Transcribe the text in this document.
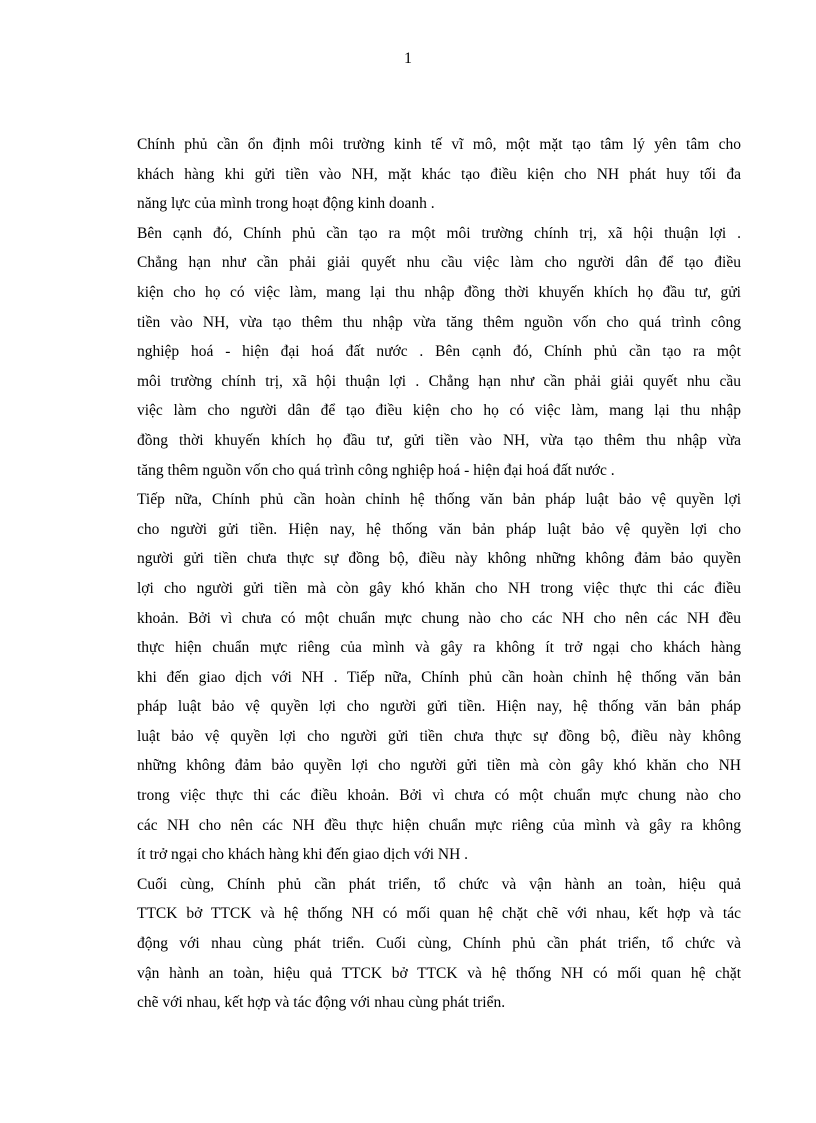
1
Chính phủ cần ổn định môi trường kinh tế vĩ mô, một mặt tạo tâm lý yên tâm cho
khách hàng khi gửi tiền vào NH, mặt khác tạo điều kiện cho NH phát huy tối đa
năng lực của mình trong hoạt động kinh doanh .
Bên cạnh đó, Chính phủ cần tạo ra một môi trường chính trị, xã hội thuận lợi .
Chẳng hạn như cần phải giải quyết nhu cầu việc làm cho người dân để tạo điều
kiện cho họ có việc làm, mang lại thu nhập đồng thời khuyến khích họ đầu tư, gửi
tiền vào NH, vừa tạo thêm thu nhập vừa tăng thêm nguồn vốn cho quá trình công
nghiệp hoá - hiện đại hoá đất nước . Bên cạnh đó, Chính phủ cần tạo ra một
môi trường chính trị, xã hội thuận lợi . Chẳng hạn như cần phải giải quyết nhu cầu
việc làm cho người dân để tạo điều kiện cho họ có việc làm, mang lại thu nhập
đồng thời khuyến khích họ đầu tư, gửi tiền vào NH, vừa tạo thêm thu nhập vừa
tăng thêm nguồn vốn cho quá trình công nghiệp hoá - hiện đại hoá đất nước .
Tiếp nữa, Chính phủ cần hoàn chỉnh hệ thống văn bản pháp luật bảo vệ quyền lợi
cho người gửi tiền. Hiện nay, hệ thống văn bản pháp luật bảo vệ quyền lợi cho
người gửi tiền chưa thực sự đồng bộ, điều này không những không đảm bảo quyền
lợi cho người gửi tiền mà còn gây khó khăn cho NH trong việc thực thi các điều
khoản. Bởi vì chưa có một chuẩn mực chung nào cho các NH cho nên các NH đều
thực hiện chuẩn mực riêng của mình và gây ra không ít trở ngại cho khách hàng
khi đến giao dịch với NH . Tiếp nữa, Chính phủ cần hoàn chỉnh hệ thống văn bản
pháp luật bảo vệ quyền lợi cho người gửi tiền. Hiện nay, hệ thống văn bản pháp
luật bảo vệ quyền lợi cho người gửi tiền chưa thực sự đồng bộ, điều này không
những không đảm bảo quyền lợi cho người gửi tiền mà còn gây khó khăn cho NH
trong việc thực thi các điều khoản. Bởi vì chưa có một chuẩn mực chung nào cho
các NH cho nên các NH đều thực hiện chuẩn mực riêng của mình và gây ra không
ít trở ngại cho khách hàng khi đến giao dịch với NH .
Cuối cùng, Chính phủ cần phát triển, tổ chức và vận hành an toàn, hiệu quả
TTCK bở TTCK và hệ thống NH có mối quan hệ chặt chẽ với nhau, kết hợp và tác
động với nhau cùng phát triển. Cuối cùng, Chính phủ cần phát triển, tổ chức và
vận hành an toàn, hiệu quả TTCK bở TTCK và hệ thống NH có mối quan hệ chặt
chẽ với nhau, kết hợp và tác động với nhau cùng phát triển.
